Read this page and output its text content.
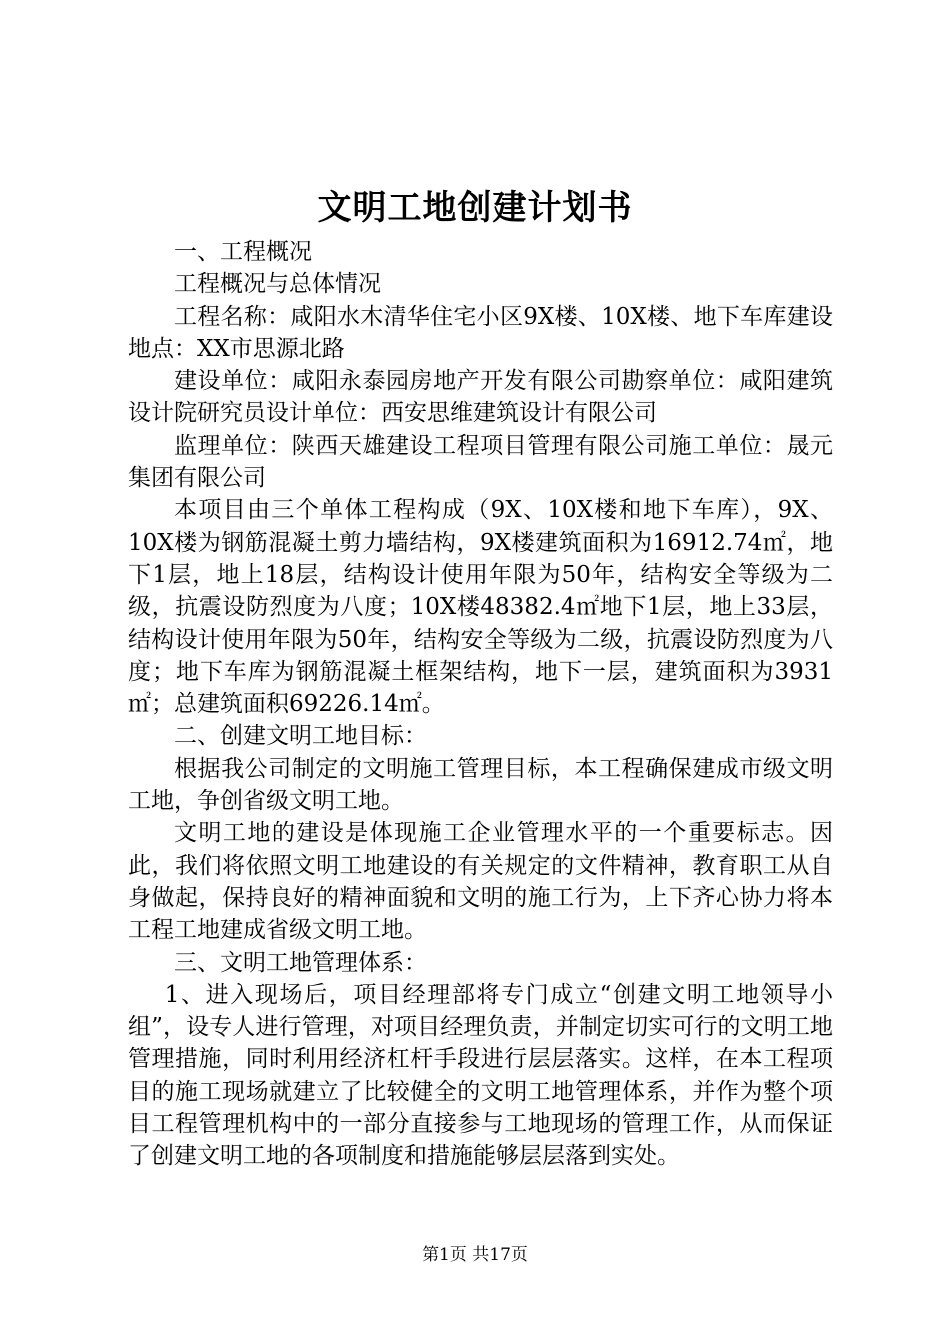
文明工地创建计划书

一、工程概况

工程概况与总体情况

工程名称：咸阳水木清华住宅小区9X楼、10X楼、地下车库建设地点：XX市思源北路

建设单位：咸阳永泰园房地产开发有限公司勘察单位：咸阳建筑设计院研究员设计单位：西安思维建筑设计有限公司

监理单位：陕西天雄建设工程项目管理有限公司施工单位：晟元集团有限公司

本项目由三个单体工程构成（9X、10X楼和地下车库），9X、10X楼为钢筋混凝土剪力墙结构，9X楼建筑面积为16912.74㎡，地下1层，地上18层，结构设计使用年限为50年，结构安全等级为二级，抗震设防烈度为八度；10X楼48382.4㎡地下1层，地上33层，结构设计使用年限为50年，结构安全等级为二级，抗震设防烈度为八度；地下车库为钢筋混凝土框架结构，地下一层，建筑面积为3931㎡；总建筑面积69226.14㎡。

二、创建文明工地目标：

根据我公司制定的文明施工管理目标，本工程确保建成市级文明工地，争创省级文明工地。

文明工地的建设是体现施工企业管理水平的一个重要标志。因此，我们将依照文明工地建设的有关规定的文件精神，教育职工从自身做起，保持良好的精神面貌和文明的施工行为，上下齐心协力将本工程工地建成省级文明工地。

三、文明工地管理体系：

1、进入现场后，项目经理部将专门成立“创建文明工地领导小组”，设专人进行管理，对项目经理负责，并制定切实可行的文明工地管理措施，同时利用经济杠杆手段进行层层落实。这样，在本工程项目的施工现场就建立了比较健全的文明工地管理体系，并作为整个项目工程管理机构中的一部分直接参与工地现场的管理工作，从而保证了创建文明工地的各项制度和措施能够层层落到实处。

第1页 共17页
